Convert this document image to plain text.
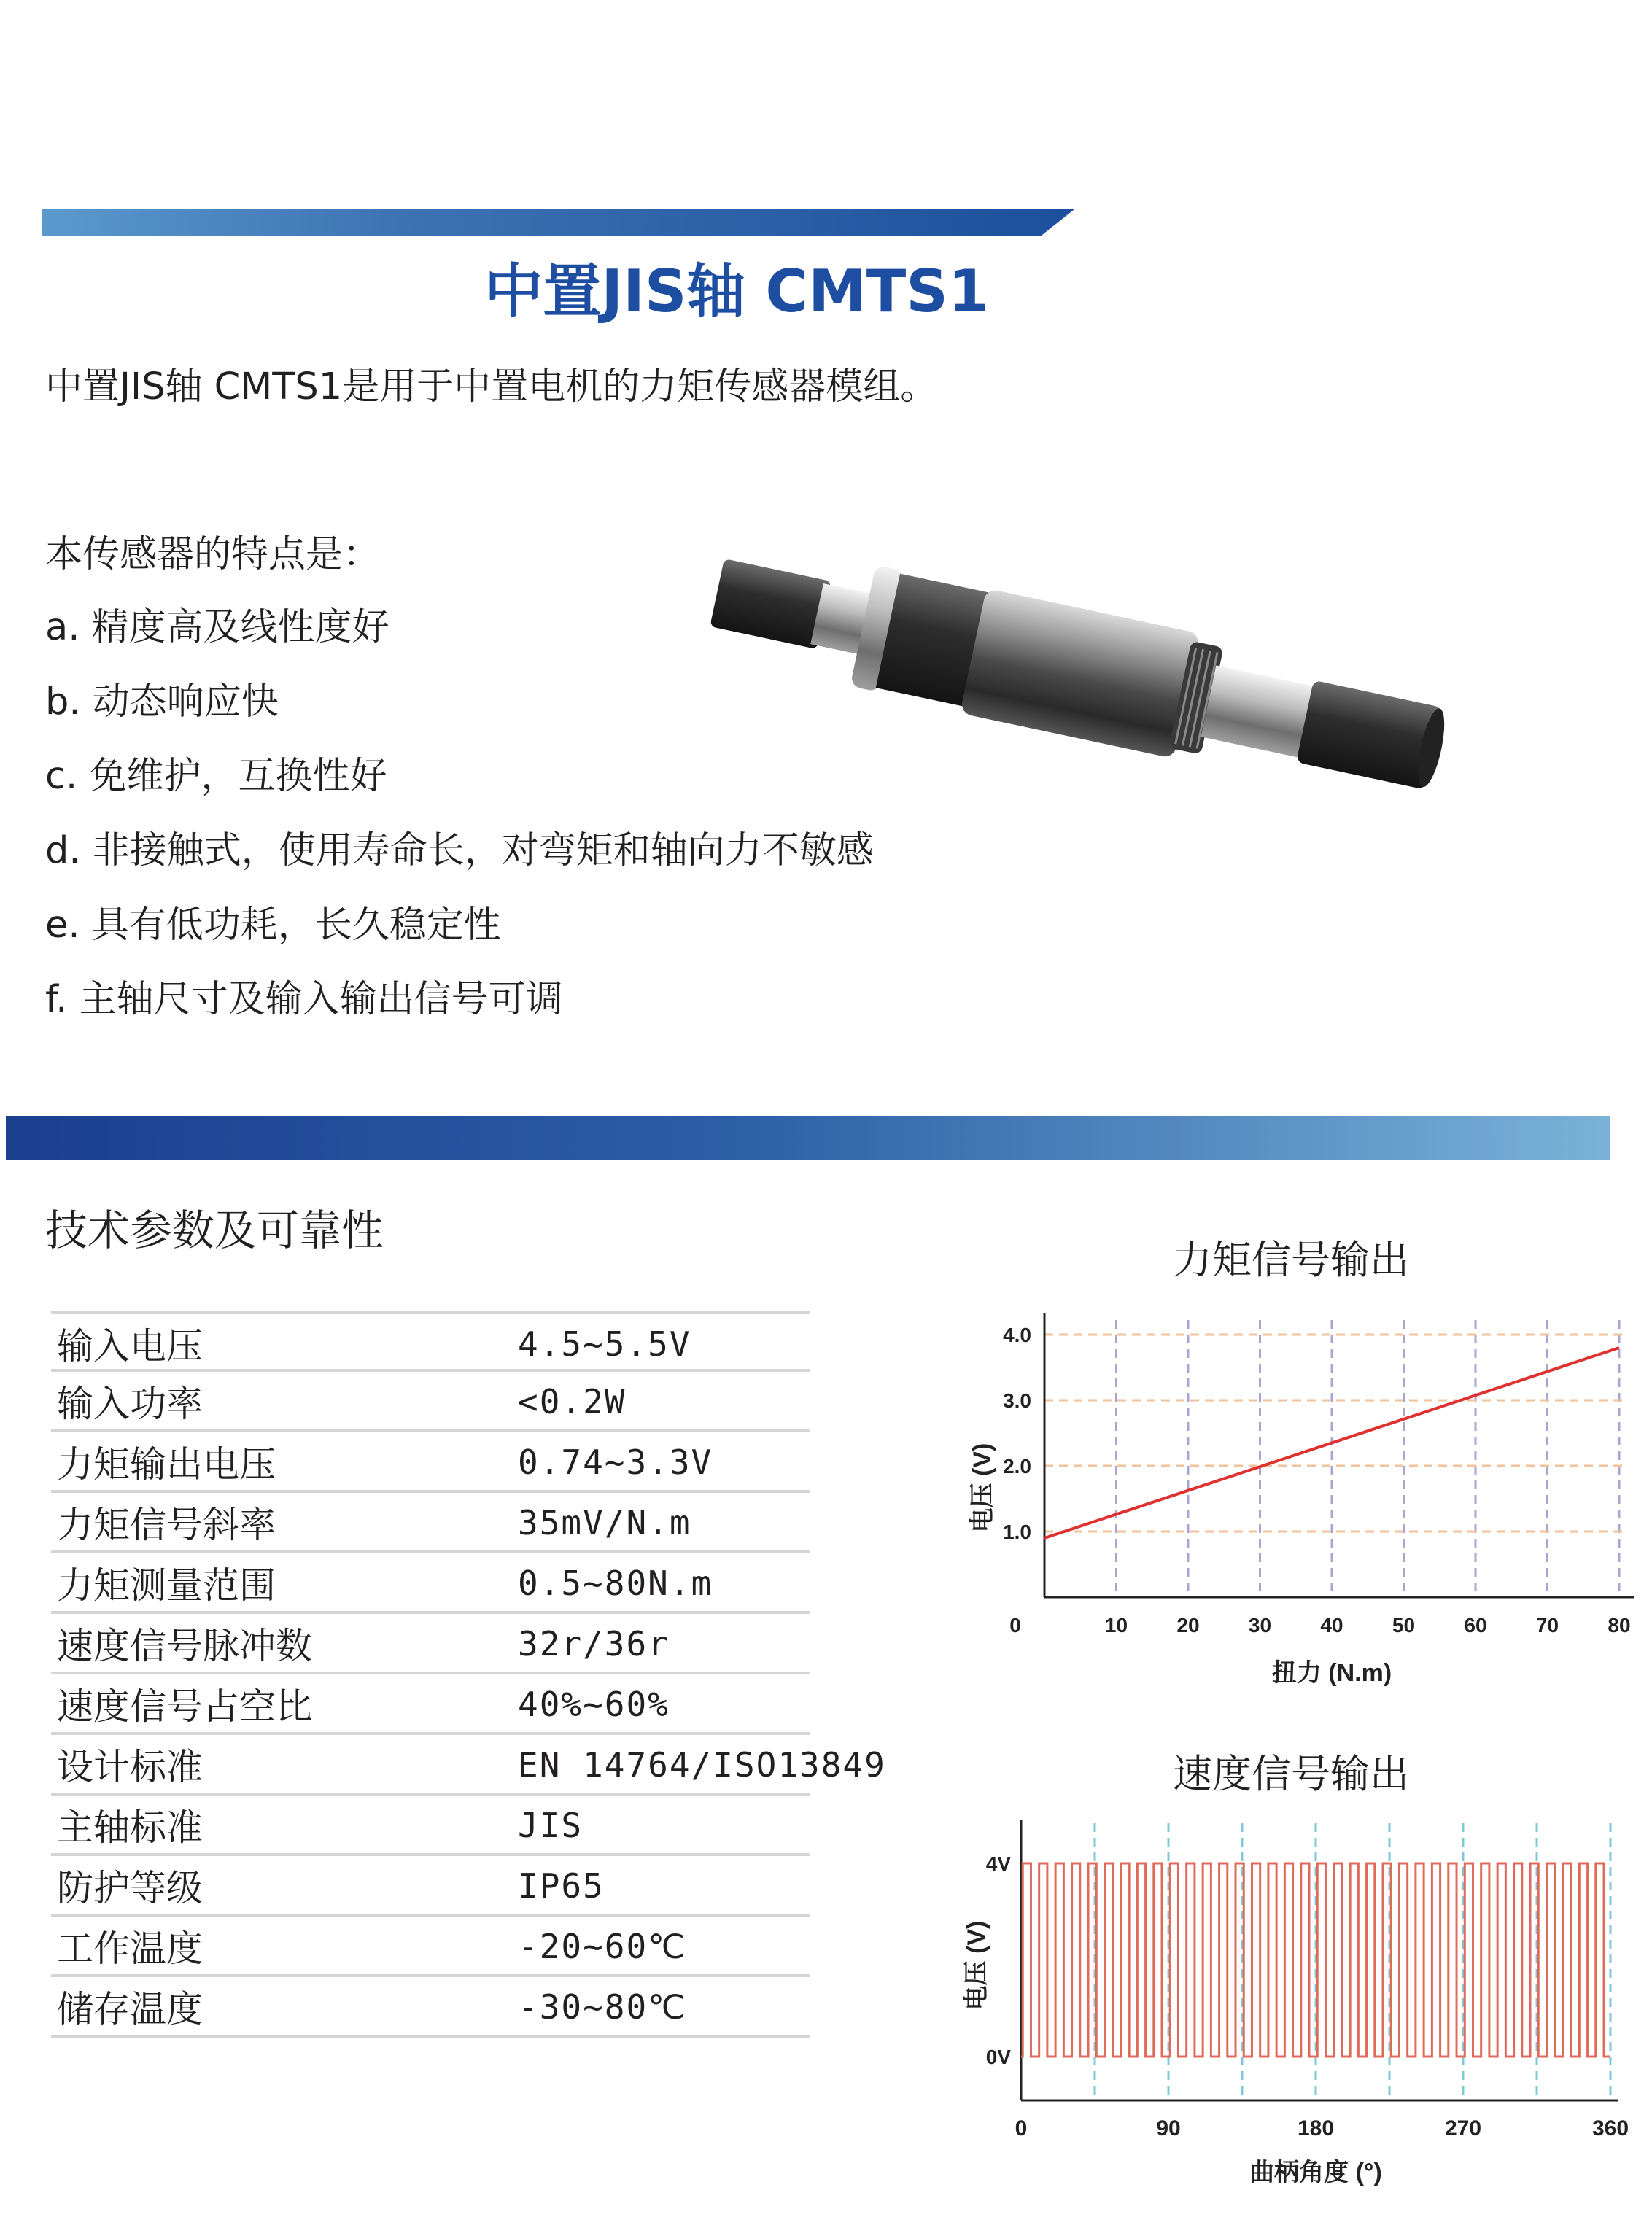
中置JIS轴 CMTS1
中置JIS轴 CMTS1是用于中置电机的力矩传感器模组。
本传感器的特点是：
a. 精度高及线性度好
b. 动态响应快
c. 免维护，互换性好
d. 非接触式，使用寿命长，对弯矩和轴向力不敏感
e. 具有低功耗，长久稳定性
f. 主轴尺寸及输入输出信号可调
技术参数及可靠性
输入电压	4.5~5.5V
输入功率	<0.2W
力矩输出电压	0.74~3.3V
力矩信号斜率	35mV/N.m
力矩测量范围	0.5~80N.m
速度信号脉冲数	32r/36r
速度信号占空比	40%~60%
设计标准	EN 14764/ISO13849
主轴标准	JIS
防护等级	IP65
工作温度	-20~60℃
储存温度	-30~80℃
力矩信号输出
0	10 20 30 40 50 60 70 80
1.0
2.0
3.0
4.0
扭力 (N.m)
电压 (V)
速度信号输出
4V
0V
0	90	180	270	360
曲柄角度 (°)
电压 (V)
